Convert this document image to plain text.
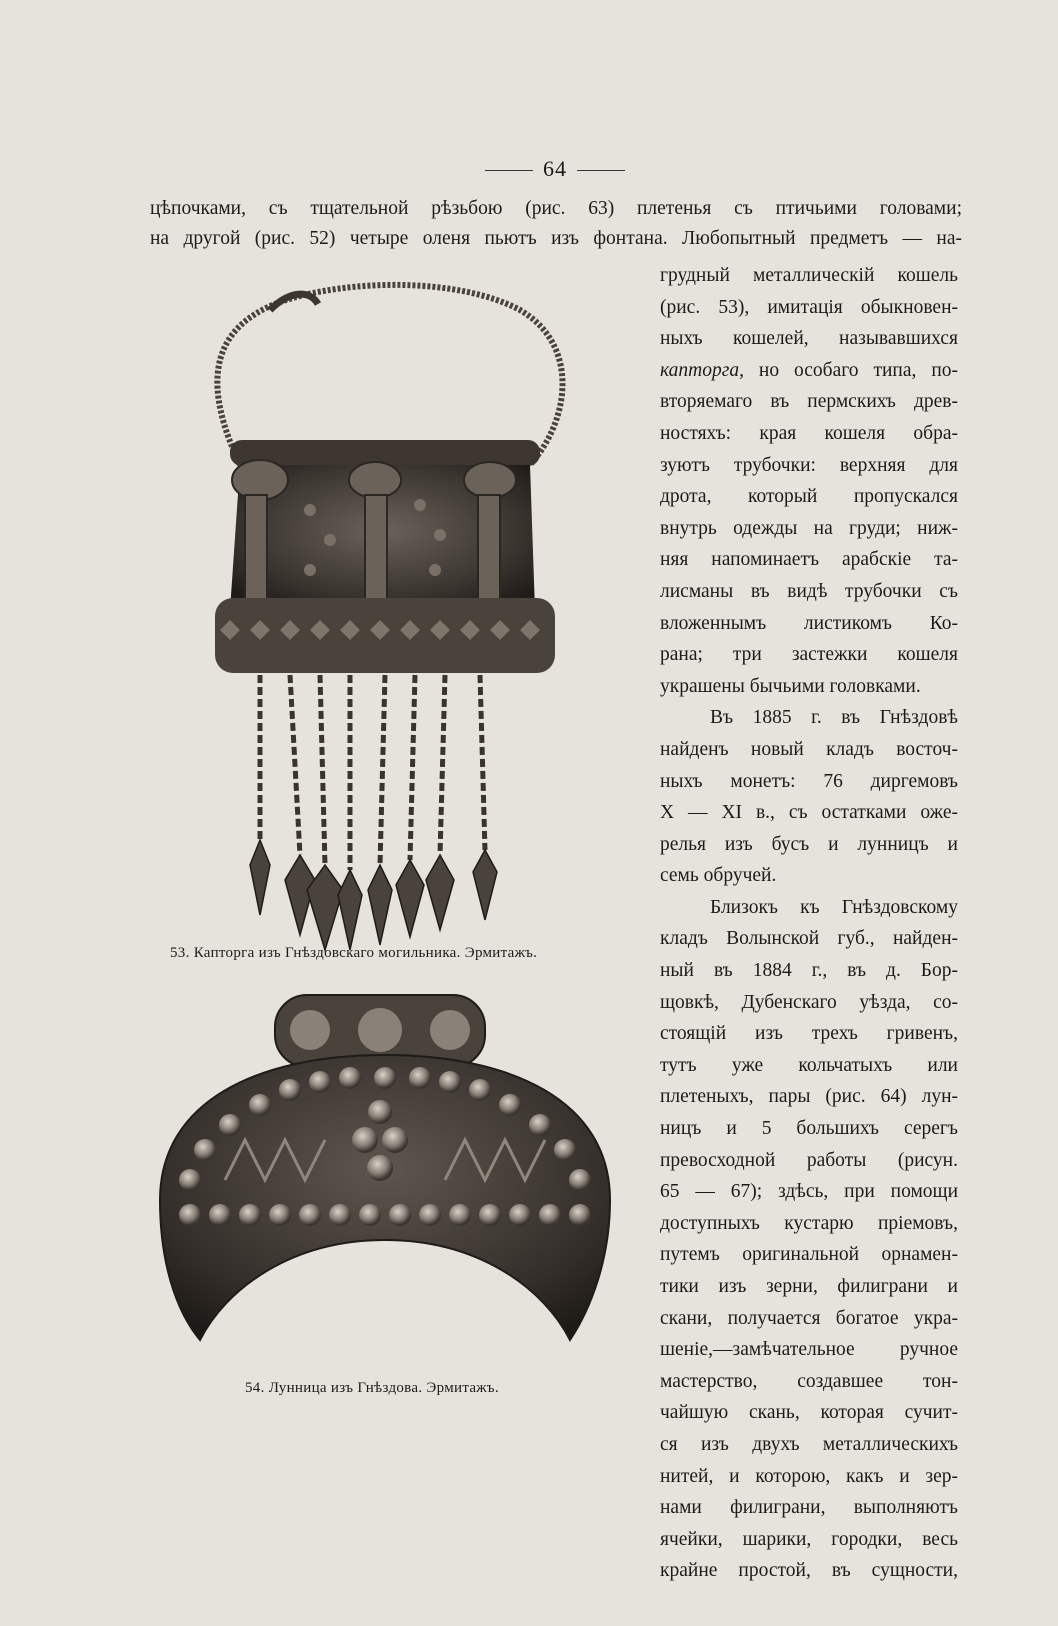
64
цѣпочками, съ тщательной рѣзьбою (рис. 63) плетенья съ птичьими головами;
на другой (рис. 52) четыре оленя пьютъ изъ фонтана. Любопытный предметъ — на-
грудный металлическій кошель
(рис. 53), имитація обыкновен-
ныхъ кошелей, называвшихся
капторга, но особаго типа, по-
вторяемаго въ пермскихъ древ-
ностяхъ: края кошеля обра-
зуютъ трубочки: верхняя для
дрота, который пропускался
внутрь одежды на груди; ниж-
няя напоминаетъ арабскіе та-
лисманы въ видѣ трубочки съ
вложеннымъ листикомъ Ко-
рана; три застежки кошеля
украшены бычьими головками.
Въ 1885 г. въ Гнѣздовѣ
найденъ новый кладъ восточ-
ныхъ монетъ: 76 диргемовъ
X — XI в., съ остатками оже-
релья изъ бусъ и лунницъ и
семь обручей.
Близокъ къ Гнѣздовскому
кладъ Волынской губ., найден-
ный въ 1884 г., въ д. Бор-
щовкѣ, Дубенскаго уѣзда, со-
стоящій изъ трехъ гривенъ,
тутъ уже кольчатыхъ или
плетеныхъ, пары (рис. 64) лун-
ницъ и 5 большихъ серегъ
превосходной работы (рисун.
65 — 67); здѣсь, при помощи
доступныхъ кустарю пріемовъ,
путемъ оригинальной орнамен-
тики изъ зерни, филиграни и
скани, получается богатое укра-
шеніе,—замѣчательное ручное
мастерство, создавшее тон-
чайшую скань, которая сучит-
ся изъ двухъ металлическихъ
нитей, и которою, какъ и зер-
нами филиграни, выполняютъ
ячейки, шарики, городки, весь
крайне простой, въ сущности,
53. Капторга изъ Гнѣздовскаго могильника. Эрмитажъ.
54. Лунница изъ Гнѣздова. Эрмитажъ.
